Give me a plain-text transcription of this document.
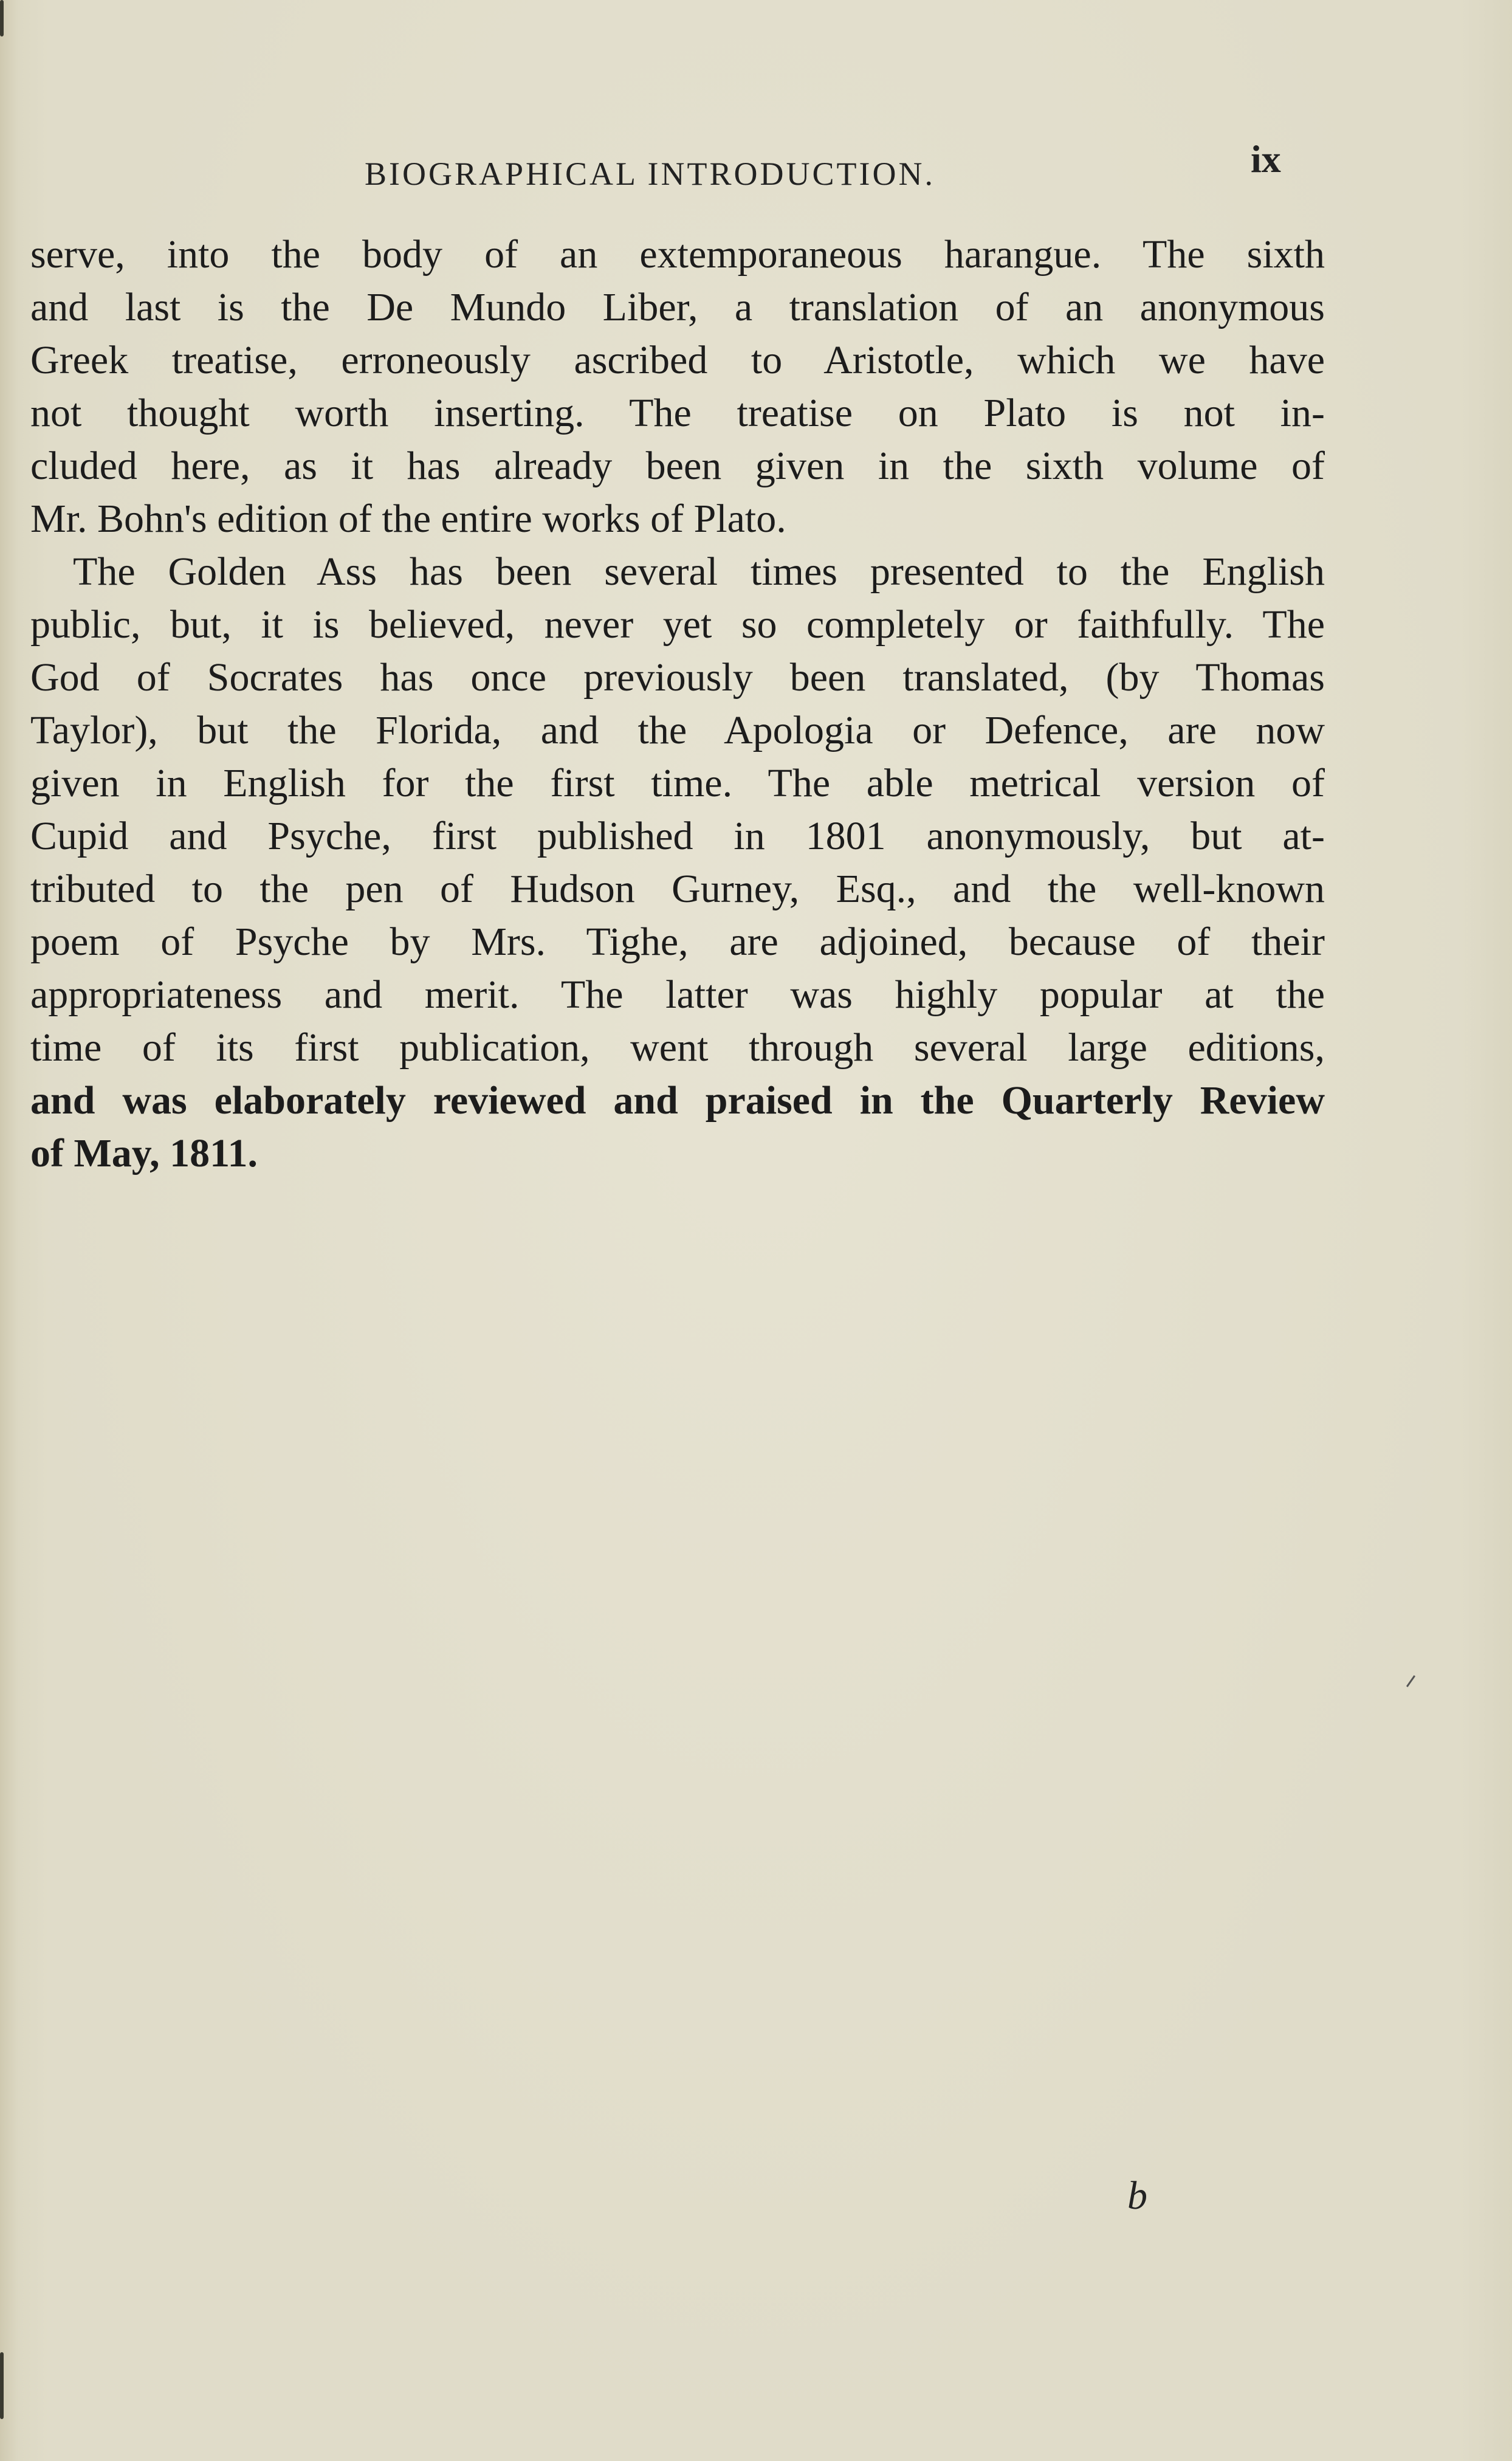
BIOGRAPHICAL INTRODUCTION.	ix
serve, into the body of an extemporaneous harangue. The sixth
and last is the De Mundo Liber, a translation of an anonymous
Greek treatise, erroneously ascribed to Aristotle, which we have
not thought worth inserting. The treatise on Plato is not in-
cluded here, as it has already been given in the sixth volume of
Mr. Bohn's edition of the entire works of Plato.
The Golden Ass has been several times presented to the English
public, but, it is believed, never yet so completely or faithfully. The
God of Socrates has once previously been translated, (by Thomas
Taylor), but the Florida, and the Apologia or Defence, are now
given in English for the first time. The able metrical version of
Cupid and Psyche, first published in 1801 anonymously, but at-
tributed to the pen of Hudson Gurney, Esq., and the well-known
poem of Psyche by Mrs. Tighe, are adjoined, because of their
appropriateness and merit. The latter was highly popular at the
time of its first publication, went through several large editions,
and was elaborately reviewed and praised in the Quarterly Review
of May, 1811.
b
